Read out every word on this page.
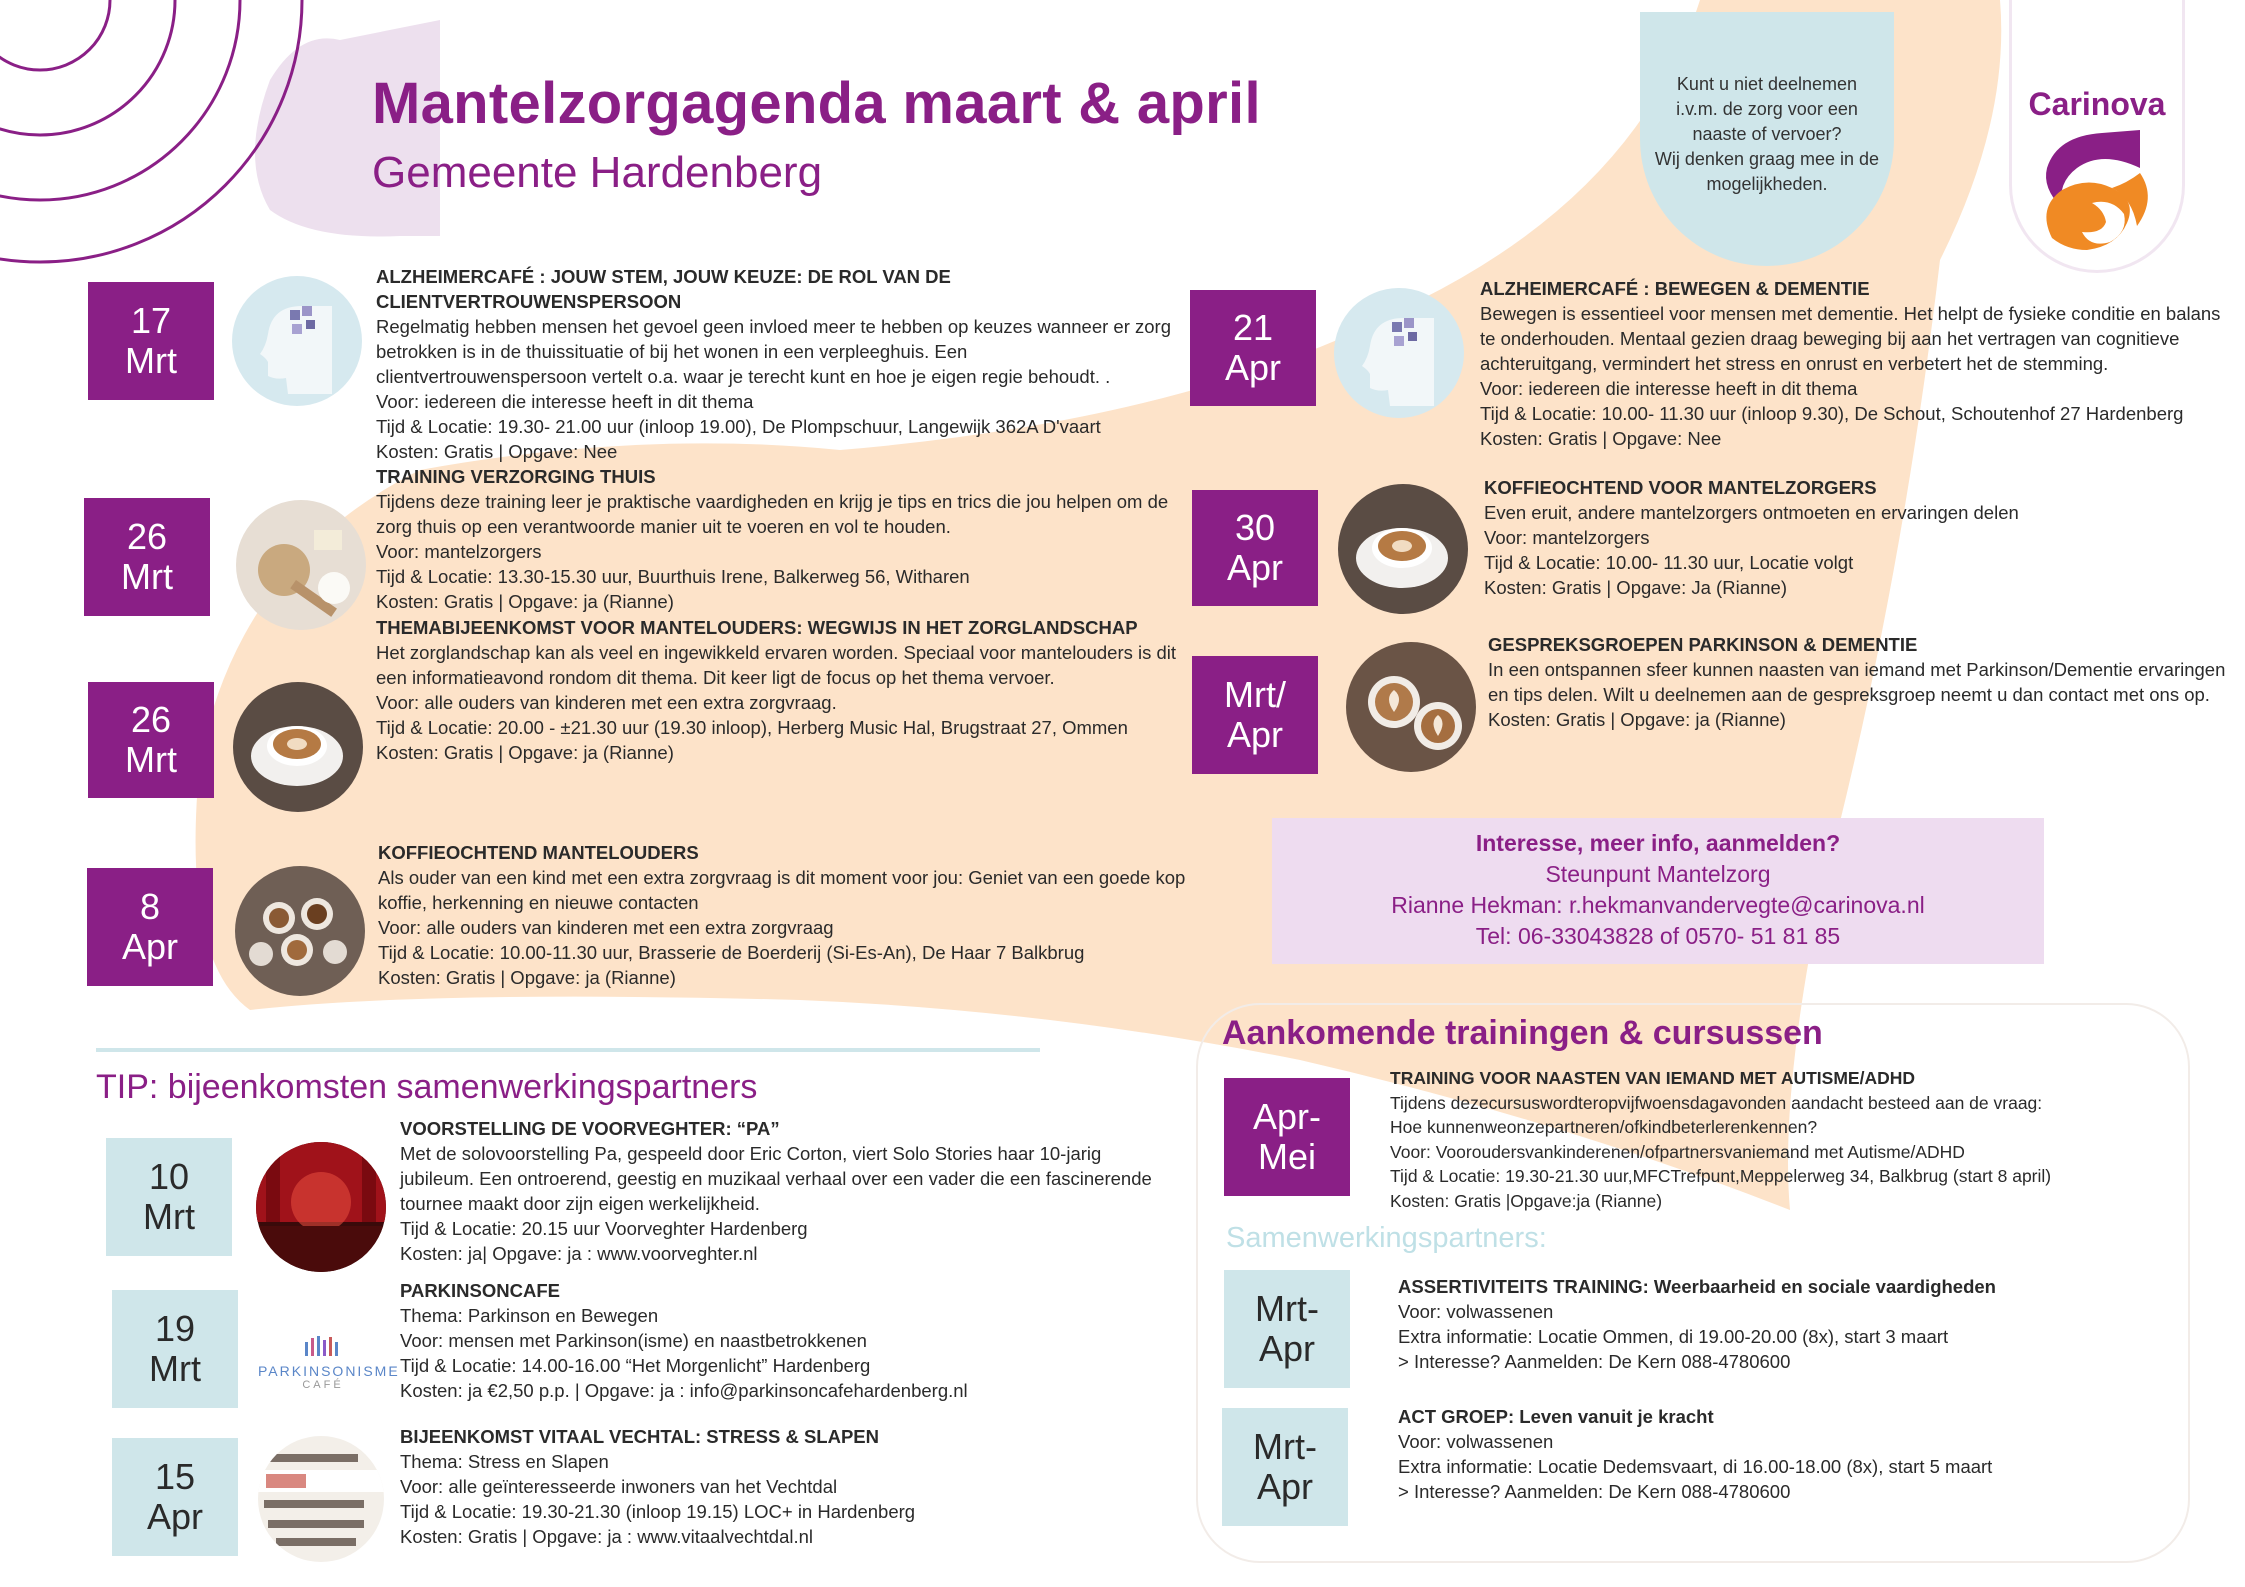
Mantelzorgagenda maart & april
Gemeente Hardenberg
Kunt u niet deelnemen
i.v.m. de zorg voor een
naaste of vervoer?
Wij denken graag mee in de
mogelijkheden.
Carinova
17
Mrt
ALZHEIMERCAFÉ : JOUW STEM, JOUW KEUZE: DE ROL VAN DE CLIENTVERTROUWENSPERSOON
Regelmatig hebben mensen het gevoel geen invloed meer te hebben op keuzes wanneer er zorg betrokken is in de thuissituatie of bij het wonen in een verpleeghuis. Een clientvertrouwenspersoon vertelt o.a. waar je terecht kunt en hoe je eigen regie behoudt. .
Voor: iedereen die interesse heeft in dit thema
Tijd & Locatie: 19.30- 21.00 uur (inloop 19.00), De Plompschuur, Langewijk 362A D'vaart
Kosten: Gratis | Opgave: Nee
26
Mrt
TRAINING VERZORGING THUIS
Tijdens deze training leer je praktische vaardigheden en krijg je tips en trics die jou helpen om de zorg thuis op een verantwoorde manier uit te voeren en vol te houden.
Voor: mantelzorgers
Tijd & Locatie: 13.30-15.30 uur, Buurthuis Irene, Balkerweg 56, Witharen
Kosten: Gratis | Opgave: ja (Rianne)
26
Mrt
THEMABIJEENKOMST VOOR MANTELOUDERS: WEGWIJS IN HET ZORGLANDSCHAP
Het zorglandschap kan als veel en ingewikkeld ervaren worden. Speciaal voor mantelouders is dit een informatieavond rondom dit thema. Dit keer ligt de focus op het thema vervoer.
Voor: alle ouders van kinderen met een extra zorgvraag.
Tijd & Locatie: 20.00 - ±21.30 uur (19.30 inloop), Herberg Music Hal, Brugstraat 27, Ommen
Kosten: Gratis | Opgave: ja (Rianne)
8
Apr
KOFFIEOCHTEND MANTELOUDERS
Als ouder van een kind met een extra zorgvraag is dit moment voor jou: Geniet van een goede kop koffie, herkenning en nieuwe contacten
Voor: alle ouders van kinderen met een extra zorgvraag
Tijd & Locatie: 10.00-11.30 uur, Brasserie de Boerderij (Si-Es-An), De Haar 7 Balkbrug
Kosten: Gratis | Opgave: ja (Rianne)
21
Apr
ALZHEIMERCAFÉ : BEWEGEN & DEMENTIE
Bewegen is essentieel voor mensen met dementie. Het helpt de fysieke conditie en balans te onderhouden. Mentaal gezien draag beweging bij aan het vertragen van cognitieve achteruitgang, vermindert het stress en onrust en verbetert het de stemming.
Voor: iedereen die interesse heeft in dit thema
Tijd & Locatie: 10.00- 11.30 uur (inloop 9.30), De Schout, Schoutenhof 27 Hardenberg
Kosten: Gratis | Opgave: Nee
30
Apr
KOFFIEOCHTEND VOOR MANTELZORGERS
Even eruit, andere mantelzorgers ontmoeten en ervaringen delen
Voor: mantelzorgers
Tijd & Locatie: 10.00- 11.30 uur, Locatie volgt
Kosten: Gratis | Opgave: Ja (Rianne)
Mrt/
Apr
GESPREKSGROEPEN PARKINSON & DEMENTIE
In een ontspannen sfeer kunnen naasten van iemand met Parkinson/Dementie ervaringen en tips delen. Wilt u deelnemen aan de gespreksgroep neemt u dan contact met ons op.
Kosten: Gratis | Opgave: ja (Rianne)
Interesse, meer info, aanmelden?
Steunpunt Mantelzorg
Rianne Hekman: r.hekmanvandervegte@carinova.nl
Tel: 06-33043828 of 0570- 51 81 85
TIP: bijeenkomsten samenwerkingspartners
10
Mrt
VOORSTELLING DE VOORVEGHTER: “PA”
Met de solovoorstelling Pa, gespeeld door Eric Corton, viert Solo Stories haar 10-jarig jubileum. Een ontroerend, geestig en muzikaal verhaal over een vader die een fascinerende tournee maakt door zijn eigen werkelijkheid.
Tijd & Locatie: 20.15 uur Voorveghter Hardenberg
Kosten: ja| Opgave: ja : www.voorveghter.nl
19
Mrt	PARKINSONISME
CAFÉ
PARKINSONCAFE
Thema: Parkinson en Bewegen
Voor: mensen met Parkinson(isme) en naastbetrokkenen
Tijd & Locatie: 14.00-16.00 “Het Morgenlicht” Hardenberg
Kosten: ja €2,50 p.p. | Opgave: ja : info@parkinsoncafehardenberg.nl
15
Apr
BIJEENKOMST VITAAL VECHTAL: STRESS & SLAPEN
Thema: Stress en Slapen
Voor: alle geïnteresseerde inwoners van het Vechtdal
Tijd & Locatie: 19.30-21.30 (inloop 19.15) LOC+ in Hardenberg
Kosten: Gratis | Opgave: ja : www.vitaalvechtdal.nl
Aankomende trainingen & cursussen
Apr-
Mei
TRAINING VOOR NAASTEN VAN IEMAND MET AUTISME/ADHD
Tijdens dezecursuswordteropvijfwoensdagavonden aandacht besteed aan de vraag:
Hoe kunnenweonzepartneren/ofkindbeterlerenkennen?
Voor: Vooroudersvankinderenen/ofpartnersvaniemand met Autisme/ADHD
Tijd & Locatie: 19.30-21.30 uur,MFCTrefpunt,Meppelerweg 34, Balkbrug (start 8 april)
Kosten: Gratis |Opgave:ja (Rianne)
Samenwerkingspartners:
Mrt-
Apr
ASSERTIVITEITS TRAINING: Weerbaarheid en sociale vaardigheden
Voor: volwassenen
Extra informatie: Locatie Ommen, di 19.00-20.00 (8x), start 3 maart
> Interesse? Aanmelden: De Kern 088-4780600
Mrt-
Apr
ACT GROEP: Leven vanuit je kracht
Voor: volwassenen
Extra informatie: Locatie Dedemsvaart, di 16.00-18.00 (8x), start 5 maart
> Interesse? Aanmelden: De Kern 088-4780600
